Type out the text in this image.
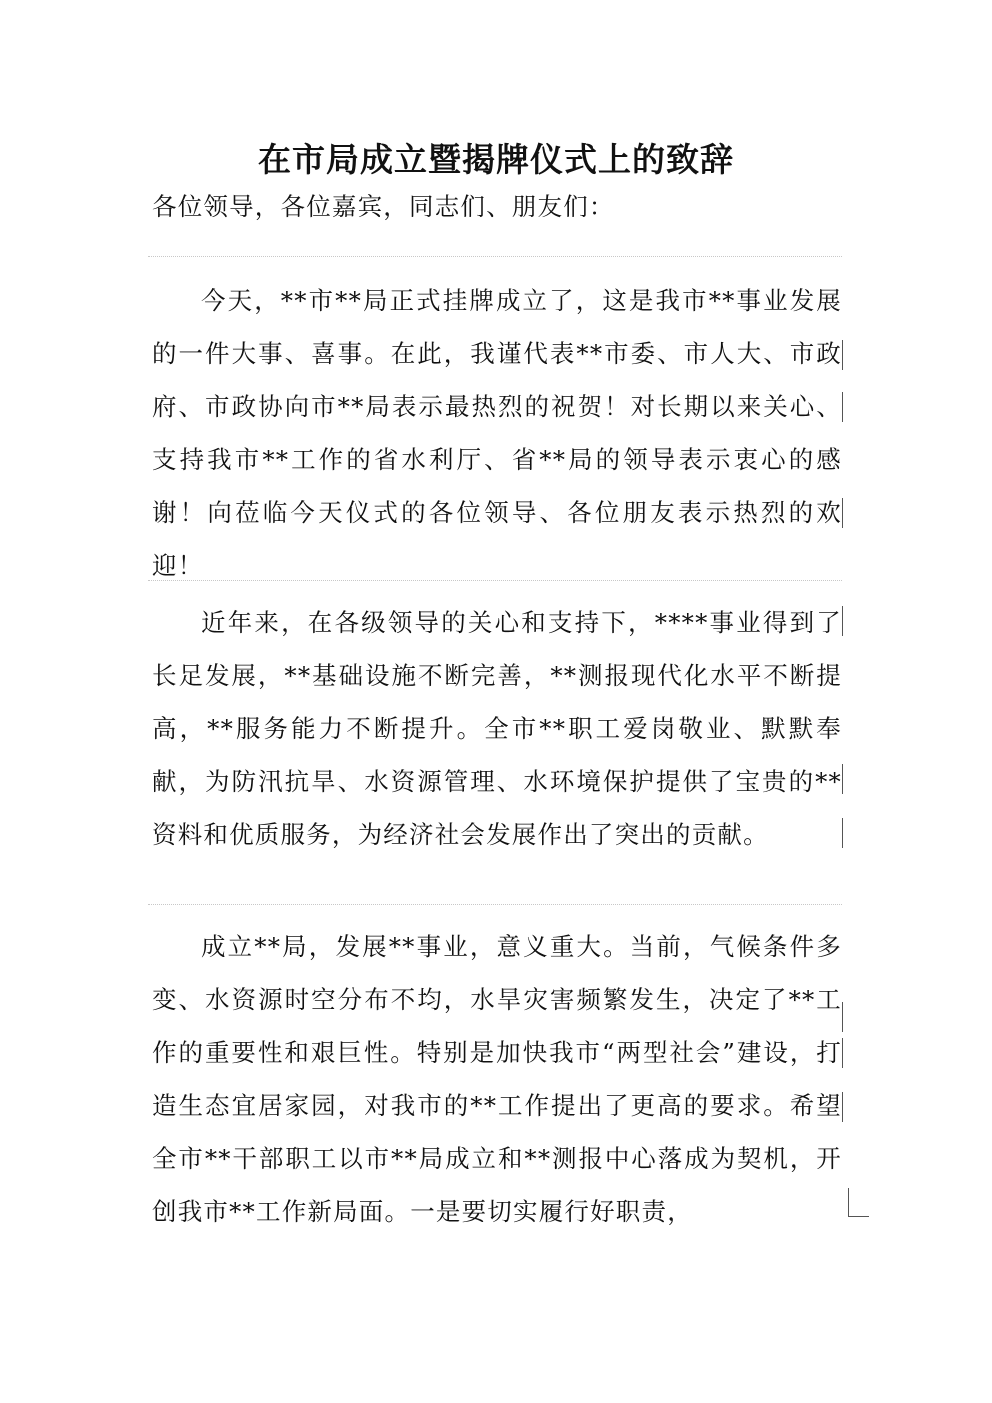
在市局成立暨揭牌仪式上的致辞
各位领导，各位嘉宾，同志们、朋友们：

今天，**市**局正式挂牌成立了，这是我市**事业发展的一件大事、喜事。在此，我谨代表**市委、市人大、市政府、市政协向市**局表示最热烈的祝贺！对长期以来关心、支持我市**工作的省水利厅、省**局的领导表示衷心的感谢！向莅临今天仪式的各位领导、各位朋友表示热烈的欢迎！

近年来，在各级领导的关心和支持下，****事业得到了长足发展，**基础设施不断完善，**测报现代化水平不断提高，**服务能力不断提升。全市**职工爱岗敬业、默默奉献，为防汛抗旱、水资源管理、水环境保护提供了宝贵的**资料和优质服务，为经济社会发展作出了突出的贡献。

成立**局，发展**事业，意义重大。当前，气候条件多变、水资源时空分布不均，水旱灾害频繁发生，决定了**工作的重要性和艰巨性。特别是加快我市“两型社会”建设，打造生态宜居家园，对我市的**工作提出了更高的要求。希望全市**干部职工以市**局成立和**测报中心落成为契机，开创我市**工作新局面。一是要切实履行好职责，
